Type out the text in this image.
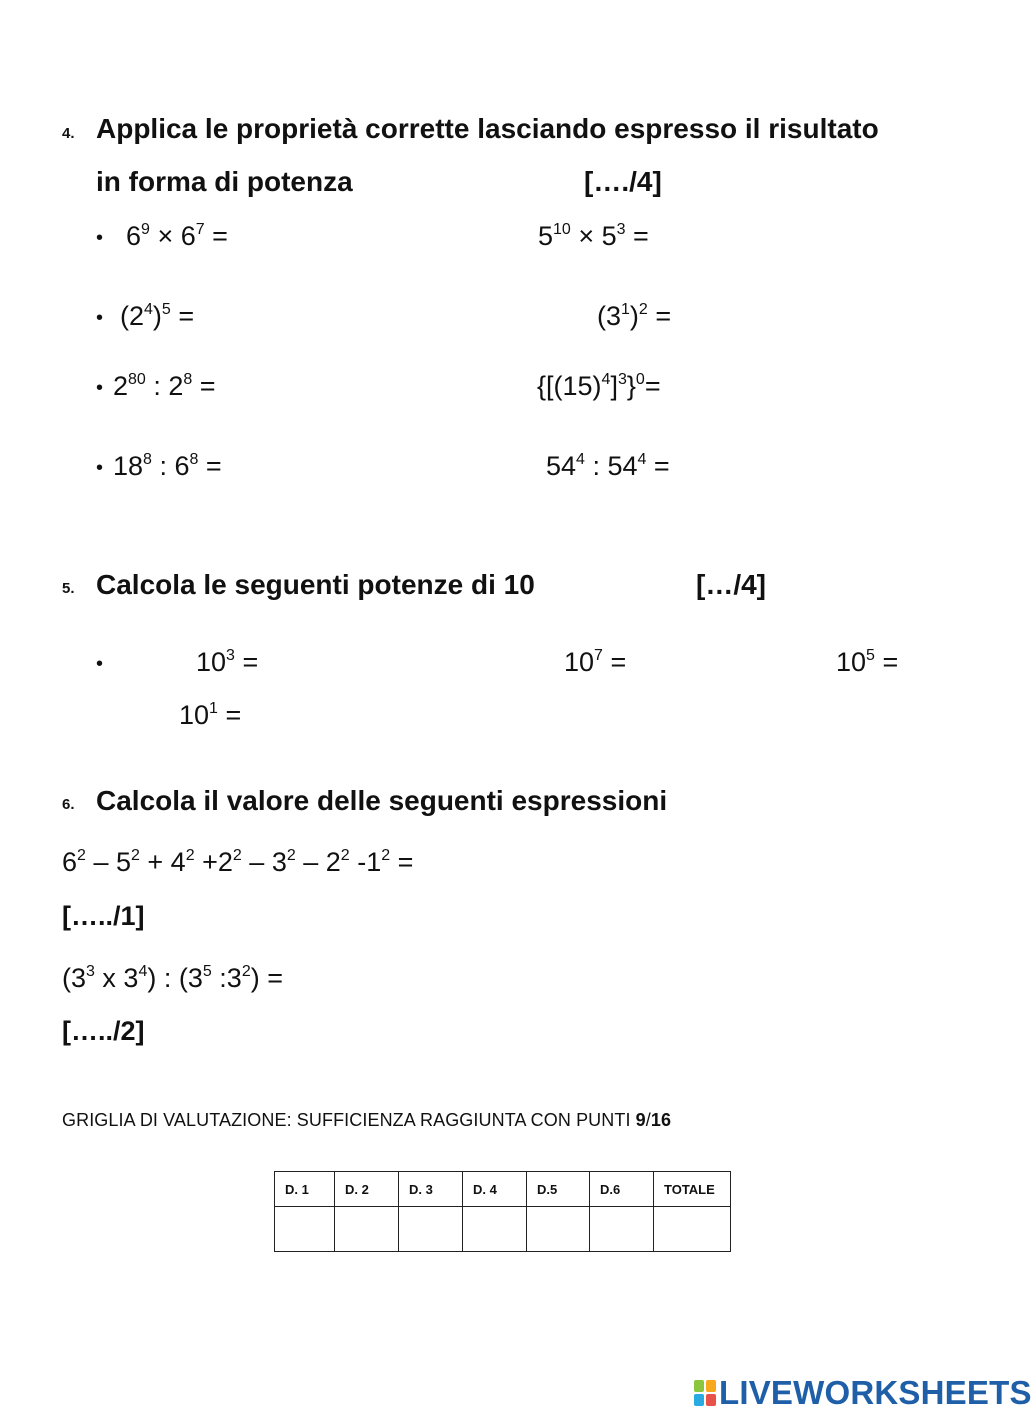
4. Applica le proprietà corrette lasciando espresso il risultato
in forma di potenza	[…./4]
• $6^9 \times 6^7$ =	$5^{10} \times 5^3$ =
• $(2^4)^5$ =	$(3^1)^2$ =
• $2^{80}$ : $2^8$ =	$\{[(15)^4]^3\}^0=$
• $18^8$ : $6^8$ =	$54^4$ : $54^4$ =
5. Calcola le seguenti potenze di 10	[…/4]
•	$10^3$ =	$10^7$ =	$10^5$ =
$10^1$ =
6. Calcola il valore delle seguenti espressioni
$6^2 - 5^2 + 4^2 +2^2 - 3^2 - 2^2$ $-1^2$ =
[…../1]
($3^3$ x $3^4$) : ($3^5$ $:3^2$) =
[…../2]
GRIGLIA DI VALUTAZIONE: SUFFICIENZA RAGGIUNTA CON PUNTI 9/16
D. 1	D. 2	D. 3	D. 4	D.5	D.6	TOTALE

LIVEWORKSHEETS
